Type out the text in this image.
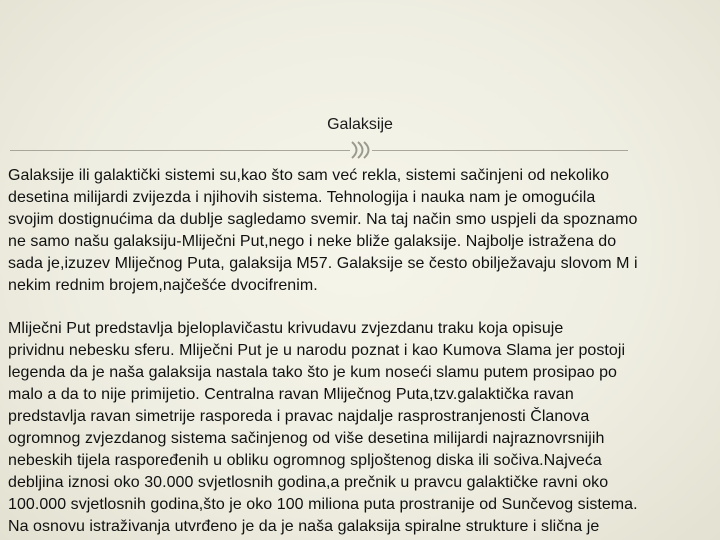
Galaksije

Galaksije ili galaktički sistemi su,kao što sam već rekla, sistemi sačinjeni od nekoliko
desetina milijardi zvijezda i njihovih sistema. Tehnologija i nauka nam je omogućila
svojim dostignućima da dublje sagledamo svemir. Na taj način smo uspjeli da spoznamo
ne samo našu galaksiju-Mliječni Put,nego i neke bliže galaksije. Najbolje istražena do
sada je,izuzev Mliječnog Puta, galaksija M57. Galaksije se često obilježavaju slovom M i
nekim rednim brojem,najčešće dvocifrenim.

Mliječni Put predstavlja bjeloplavičastu krivudavu zvjezdanu traku koja opisuje
prividnu nebesku sferu. Mliječni Put je u narodu poznat i kao Kumova Slama jer postoji
legenda da je naša galaksija nastala tako što je kum noseći slamu putem prosipao po
malo a da to nije primijetio. Centralna ravan Mliječnog Puta,tzv.galaktička ravan
predstavlja ravan simetrije rasporeda i pravac najdalje rasprostranjenosti Članova
ogromnog zvjezdanog sistema sačinjenog od više desetina milijardi najraznovrsnijih
nebeskih tijela raspoređenih u obliku ogromnog spljoštenog diska ili sočiva.Najveća
debljina iznosi oko 30.000 svjetlosnih godina,a prečnik u pravcu galaktičke ravni oko
100.000 svjetlosnih godina,što je oko 100 miliona puta prostranije od Sunčevog sistema.
Na osnovu istraživanja utvrđeno je da je naša galaksija spiralne strukture i slična je
